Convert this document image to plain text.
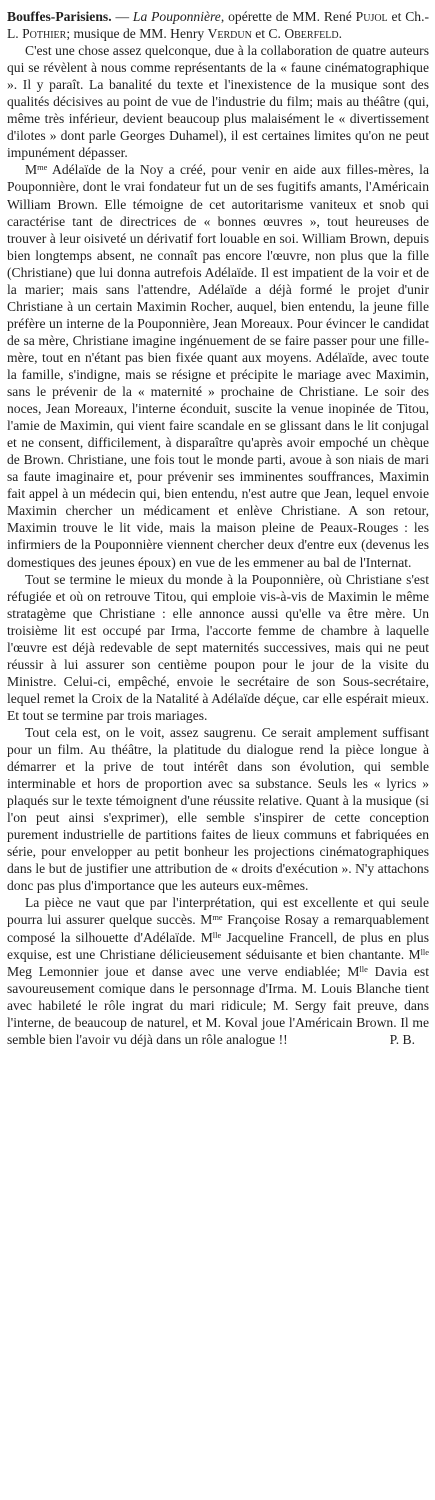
Bouffes-Parisiens. — La Pouponnière, opérette de MM. René Pujol et Ch.-L. Pothier; musique de MM. Henry Verdun et C. Oberfeld.

C'est une chose assez quelconque, due à la collaboration de quatre auteurs qui se révèlent à nous comme représentants de la « faune cinématographique ». Il y paraît. La banalité du texte et l'inexistence de la musique sont des qualités décisives au point de vue de l'industrie du film; mais au théâtre (qui, même très inférieur, devient beaucoup plus malaisément le « divertissement d'ilotes » dont parle Georges Duhamel), il est certaines limites qu'on ne peut impunément dépasser.

$M^{me}$ Adélaïde de la Noy a créé, pour venir en aide aux filles-mères, la Pouponnière, dont le vrai fondateur fut un de ses fugitifs amants, l'Américain William Brown. Elle témoigne de cet autoritarisme vaniteux et snob qui caractérise tant de directrices de « bonnes œuvres », tout heureuses de trouver à leur oisiveté un dérivatif fort louable en soi. William Brown, depuis bien longtemps absent, ne connaît pas encore l'œuvre, non plus que la fille (Christiane) que lui donna autrefois Adélaïde. Il est impatient de la voir et de la marier; mais sans l'attendre, Adélaïde a déjà formé le projet d'unir Christiane à un certain Maximin Rocher, auquel, bien entendu, la jeune fille préfère un interne de la Pouponnière, Jean Moreaux. Pour évincer le candidat de sa mère, Christiane imagine ingénuement de se faire passer pour une fille-mère, tout en n'étant pas bien fixée quant aux moyens. Adélaïde, avec toute la famille, s'indigne, mais se résigne et précipite le mariage avec Maximin, sans le prévenir de la « maternité » prochaine de Christiane. Le soir des noces, Jean Moreaux, l'interne éconduit, suscite la venue inopinée de Titou, l'amie de Maximin, qui vient faire scandale en se glissant dans le lit conjugal et ne consent, difficilement, à disparaître qu'après avoir empoché un chèque de Brown. Christiane, une fois tout le monde parti, avoue à son niais de mari sa faute imaginaire et, pour prévenir ses imminentes souffrances, Maximin fait appel à un médecin qui, bien entendu, n'est autre que Jean, lequel envoie Maximin chercher un médicament et enlève Christiane. A son retour, Maximin trouve le lit vide, mais la maison pleine de Peaux-Rouges : les infirmiers de la Pouponnière viennent chercher deux d'entre eux (devenus les domestiques des jeunes époux) en vue de les emmener au bal de l'Internat.

Tout se termine le mieux du monde à la Pouponnière, où Christiane s'est réfugiée et où on retrouve Titou, qui emploie vis-à-vis de Maximin le même stratagème que Christiane : elle annonce aussi qu'elle va être mère. Un troisième lit est occupé par Irma, l'accorte femme de chambre à laquelle l'œuvre est déjà redevable de sept maternités successives, mais qui ne peut réussir à lui assurer son centième poupon pour le jour de la visite du Ministre. Celui-ci, empêché, envoie le secrétaire de son Sous-secrétaire, lequel remet la Croix de la Natalité à Adélaïde déçue, car elle espérait mieux. Et tout se termine par trois mariages.

Tout cela est, on le voit, assez saugrenu. Ce serait amplement suffisant pour un film. Au théâtre, la platitude du dialogue rend la pièce longue à démarrer et la prive de tout intérêt dans son évolution, qui semble interminable et hors de proportion avec sa substance. Seuls les « lyrics » plaqués sur le texte témoignent d'une réussite relative. Quant à la musique (si l'on peut ainsi s'exprimer), elle semble s'inspirer de cette conception purement industrielle de partitions faites de lieux communs et fabriquées en série, pour envelopper au petit bonheur les projections cinématographiques dans le but de justifier une attribution de « droits d'exécution ». N'y attachons donc pas plus d'importance que les auteurs eux-mêmes.

La pièce ne vaut que par l'interprétation, qui est excellente et qui seule pourra lui assurer quelque succès. $M^{me}$ Françoise Rosay a remarquablement composé la silhouette d'Adélaïde. $M^{lle}$ Jacqueline Francell, de plus en plus exquise, est une Christiane délicieusement séduisante et bien chantante. $M^{lle}$ Meg Lemonnier joue et danse avec une verve endiablée; $M^{lle}$ Davia est savoureusement comique dans le personnage d'Irma. M. Louis Blanche tient avec habileté le rôle ingrat du mari ridicule; M. Sergy fait preuve, dans l'interne, de beaucoup de naturel, et M. Koval joue l'Américain Brown. Il me semble bien l'avoir vu déjà dans un rôle analogue !!	P. B.
